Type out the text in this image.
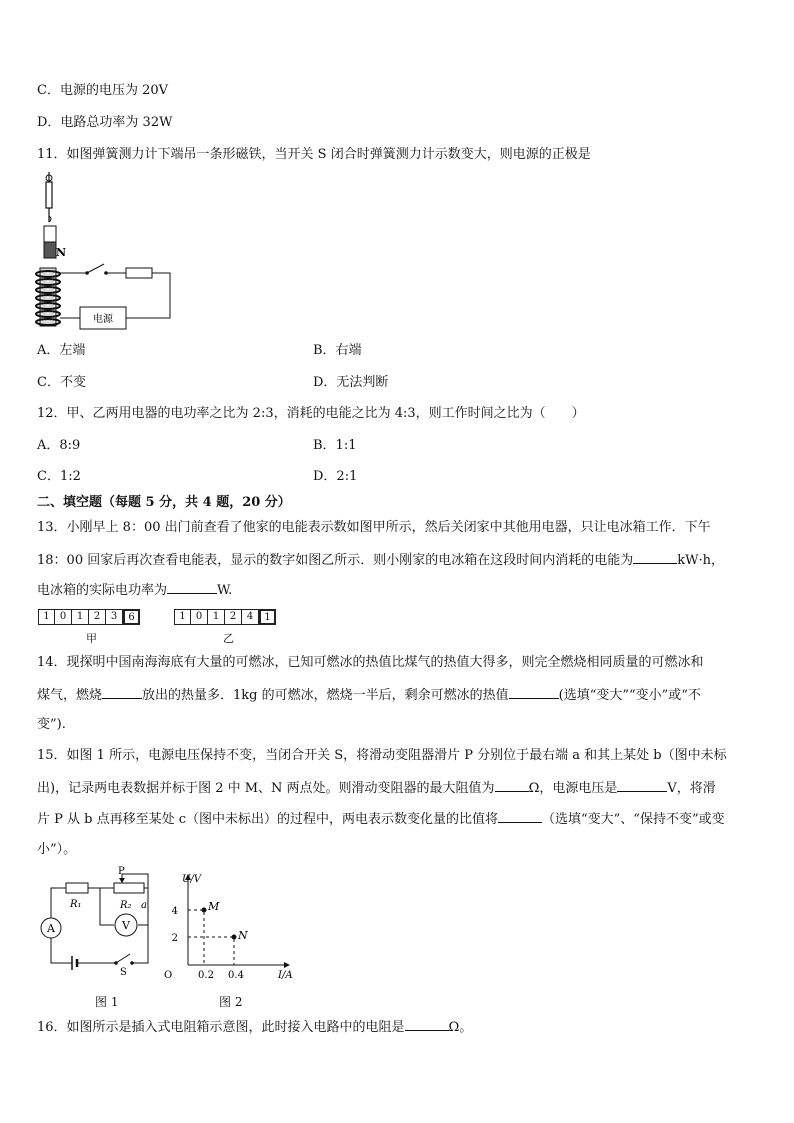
C．电源的电压为 20V
D．电路总功率为 32W
11．如图弹簧测力计下端吊一条形磁铁，当开关 S 闭合时弹簧测力计示数变大，则电源的正极是
N
电源
A．左端	B．右端
C．不变	D．无法判断
12．甲、乙两用电器的电功率之比为 2:3，消耗的电能之比为 4:3，则工作时间之比为（　　）
A．8:9	B．1:1
C．1:2	D．2:1
二、填空题（每题 5 分，共 4 题，20 分）
13．小刚早上 8：00 出门前查看了他家的电能表示数如图甲所示，然后关闭家中其他用电器，只让电冰箱工作．下午
18：00 回家后再次查看电能表，显示的数字如图乙所示．则小刚家的电冰箱在这段时间内消耗的电能为	kW·h，
电冰箱的实际电功率为	W.
1	0	1	2	3	6
甲
1	0	1	2	4	1
乙
14．现探明中国南海海底有大量的可燃冰，已知可燃冰的热值比煤气的热值大得多，则完全燃烧相同质量的可燃冰和
煤气，燃烧	放出的热量多．1kg 的可燃冰，燃烧一半后，剩余可燃冰的热值	(选填“变大”“变小”或“不
变”).
15．如图 1 所示，电源电压保持不变，当闭合开关 S，将滑动变阻器滑片 P 分别位于最右端 a 和其上某处 b（图中未标
出)，记录两电表数据并标于图 2 中 M、N 两点处。则滑动变阻器的最大阻值为	Ω，电源电压是	V，将滑
片 P 从 b 点再移至某处 c（图中未标出）的过程中，两电表示数变化量的比值将	（选填“变大”、“保持不变”或变
小”）。
A	V
P
R₁	R₂ a
S
U/V
I/A
O
4
2
0.2 0.4
M
N
图 1	图 2
16．如图所示是插入式电阻箱示意图，此时接入电路中的电阻是	Ω。
